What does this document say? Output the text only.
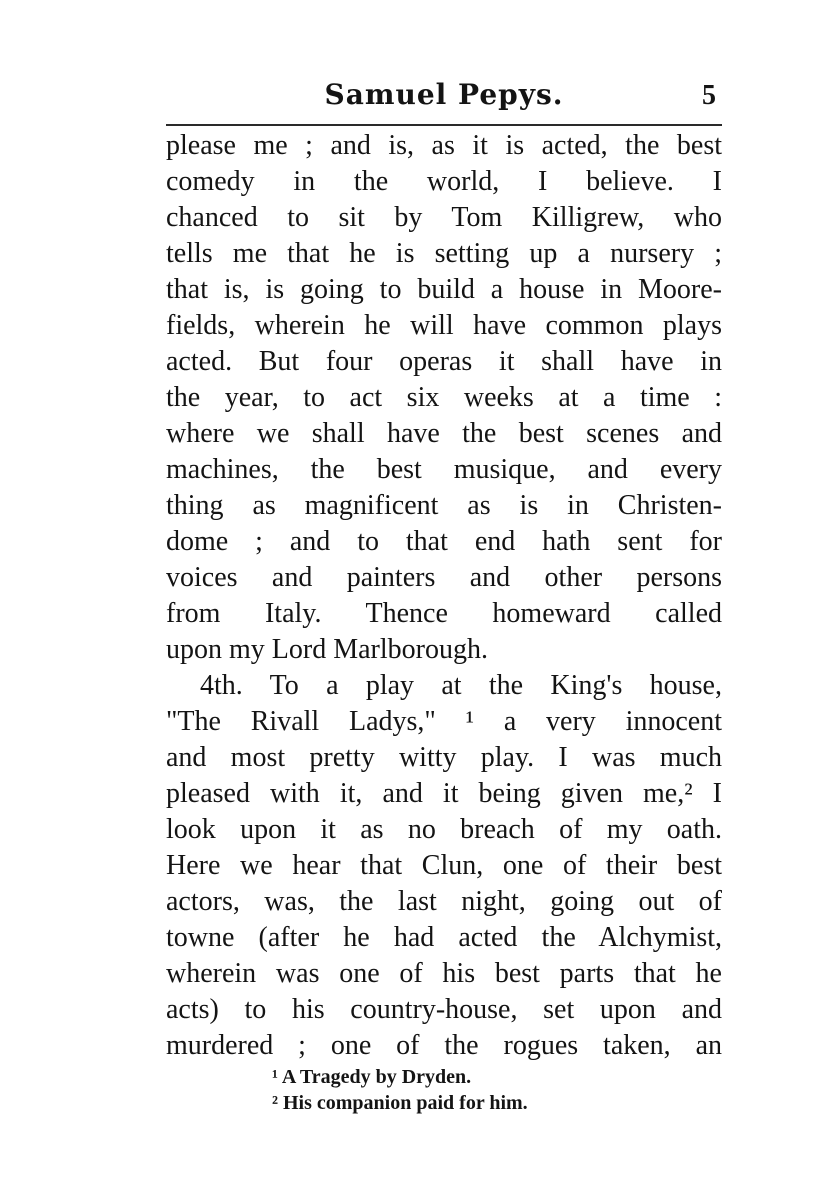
Samuel Pepys.	5
please me ; and is, as it is acted, the best
comedy in the world, I believe. I
chanced to sit by Tom Killigrew, who
tells me that he is setting up a nursery ;
that is, is going to build a house in Moore-
fields, wherein he will have common plays
acted. But four operas it shall have in
the year, to act six weeks at a time :
where we shall have the best scenes and
machines, the best musique, and every
thing as magnificent as is in Christen-
dome ; and to that end hath sent for
voices and painters and other persons
from Italy. Thence homeward called
upon my Lord Marlborough.
4th. To a play at the King's house,
"The Rivall Ladys," ¹ a very innocent
and most pretty witty play. I was much
pleased with it, and it being given me,² I
look upon it as no breach of my oath.
Here we hear that Clun, one of their best
actors, was, the last night, going out of
towne (after he had acted the Alchymist,
wherein was one of his best parts that he
acts) to his country-house, set upon and
murdered ; one of the rogues taken, an
¹ A Tragedy by Dryden.
² His companion paid for him.
